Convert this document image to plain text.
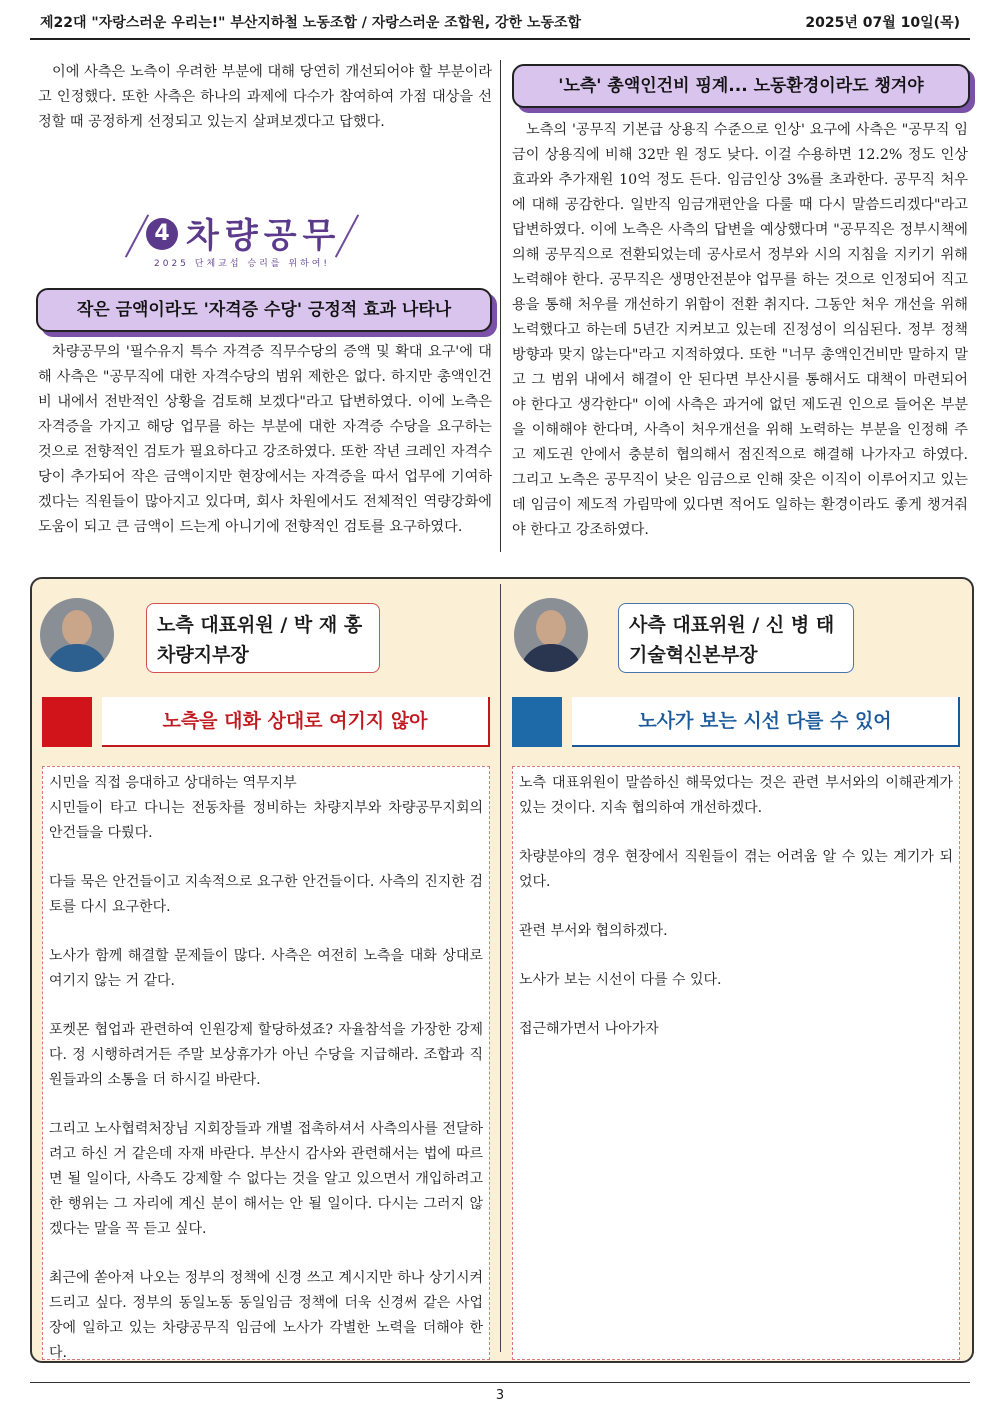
제22대 "자랑스러운 우리는!" 부산지하철 노동조합 / 자랑스러운 조합원, 강한 노동조합	2025년 07월 10일(목)

이에 사측은 노측이 우려한 부분에 대해 당연히 개선되어야 할 부분이라고 인정했다. 또한 사측은 하나의 과제에 다수가 참여하여 가점 대상을 선정할 때 공정하게 선정되고 있는지 살펴보겠다고 답했다.

4 차량공무
2025 단체교섭 승리를 위하여!
작은 금액이라도 '자격증 수당' 긍정적 효과 나타나

차량공무의 '필수유지 특수 자격증 직무수당의 증액 및 확대 요구'에 대해 사측은 "공무직에 대한 자격수당의 범위 제한은 없다. 하지만 총액인건비 내에서 전반적인 상황을 검토해 보겠다"라고 답변하였다. 이에 노측은 자격증을 가지고 해당 업무를 하는 부분에 대한 자격증 수당을 요구하는 것으로 전향적인 검토가 필요하다고 강조하였다. 또한 작년 크레인 자격수당이 추가되어 작은 금액이지만 현장에서는 자격증을 따서 업무에 기여하겠다는 직원들이 많아지고 있다며, 회사 차원에서도 전체적인 역량강화에 도움이 되고 큰 금액이 드는게 아니기에 전향적인 검토를 요구하였다.

'노측' 총액인건비 핑계... 노동환경이라도 챙겨야

노측의 '공무직 기본급 상용직 수준으로 인상' 요구에 사측은 "공무직 임금이 상용직에 비해 32만 원 정도 낮다. 이걸 수용하면 12.2% 정도 인상효과와 추가재원 10억 정도 든다. 임금인상 3%를 초과한다. 공무직 처우에 대해 공감한다. 일반직 임금개편안을 다룰 때 다시 말씀드리겠다"라고 답변하였다. 이에 노측은 사측의 답변을 예상했다며 "공무직은 정부시책에 의해 공무직으로 전환되었는데 공사로서 정부와 시의 지침을 지키기 위해 노력해야 한다. 공무직은 생명안전분야 업무를 하는 것으로 인정되어 직고용을 통해 처우를 개선하기 위함이 전환 취지다. 그동안 처우 개선을 위해 노력했다고 하는데 5년간 지켜보고 있는데 진정성이 의심된다. 정부 정책방향과 맞지 않는다"라고 지적하였다. 또한 "너무 총액인건비만 말하지 말고 그 범위 내에서 해결이 안 된다면 부산시를 통해서도 대책이 마련되어야 한다고 생각한다" 이에 사측은 과거에 없던 제도권 인으로 들어온 부분을 이해해야 한다며, 사측이 처우개선을 위해 노력하는 부분을 인정해 주고 제도권 안에서 충분히 협의해서 점진적으로 해결해 나가자고 하였다. 그리고 노측은 공무직이 낮은 임금으로 인해 잦은 이직이 이루어지고 있는데 임금이 제도적 가림막에 있다면 적어도 일하는 환경이라도 좋게 챙겨줘야 한다고 강조하였다.

노측 대표위원 / 박 재 홍
차량지부장
사측 대표위원 / 신 병 태
기술혁신본부장
노측을 대화 상대로 여기지 않아	노사가 보는 시선 다를 수 있어

시민을 직접 응대하고 상대하는 역무지부
시민들이 타고 다니는 전동차를 정비하는 차량지부와 차량공무지회의 안건들을 다뤘다.

다들 묵은 안건들이고 지속적으로 요구한 안건들이다. 사측의 진지한 검토를 다시 요구한다.

노사가 함께 해결할 문제들이 많다. 사측은 여전히 노측을 대화 상대로 여기지 않는 거 같다.

포켓몬 협업과 관련하여 인원강제 할당하셨죠? 자율참석을 가장한 강제다. 정 시행하려거든 주말 보상휴가가 아닌 수당을 지급해라. 조합과 직원들과의 소통을 더 하시길 바란다.

그리고 노사협력처장님 지회장들과 개별 접촉하셔서 사측의사를 전달하려고 하신 거 같은데 자재 바란다. 부산시 감사와 관련해서는 법에 따르면 될 일이다, 사측도 강제할 수 없다는 것을 알고 있으면서 개입하려고 한 행위는 그 자리에 계신 분이 해서는 안 될 일이다. 다시는 그러지 않겠다는 말을 꼭 듣고 싶다.

최근에 쏟아져 나오는 정부의 정책에 신경 쓰고 계시지만 하나 상기시켜드리고 싶다. 정부의 동일노동 동일임금 정책에 더욱 신경써 같은 사업장에 일하고 있는 차량공무직 임금에 노사가 각별한 노력을 더해야 한다.

노측 대표위원이 말씀하신 해묵었다는 것은 관련 부서와의 이해관계가 있는 것이다. 지속 협의하여 개선하겠다.

차량분야의 경우 현장에서 직원들이 겪는 어려움 알 수 있는 계기가 되었다.

관련 부서와 협의하겠다.

노사가 보는 시선이 다를 수 있다.

접근해가면서 나아가자

3
